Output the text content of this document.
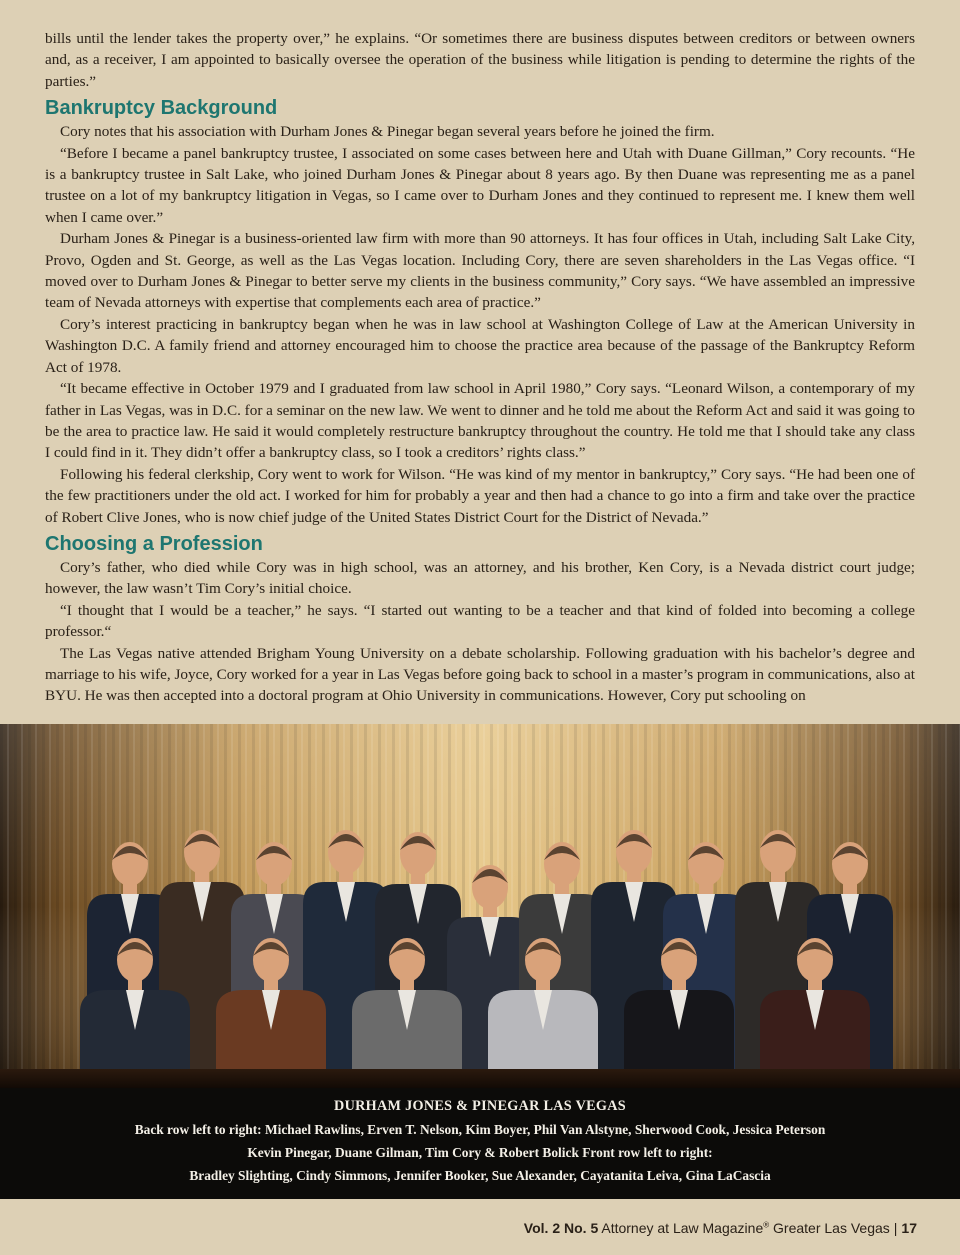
bills until the lender takes the property over,” he explains. “Or sometimes there are business disputes between creditors or between owners and, as a receiver, I am appointed to basically oversee the operation of the business while litigation is pending to determine the rights of the parties.”

Bankruptcy Background

Cory notes that his association with Durham Jones & Pinegar began several years before he joined the firm.

“Before I became a panel bankruptcy trustee, I associated on some cases between here and Utah with Duane Gillman,” Cory recounts. “He is a bankruptcy trustee in Salt Lake, who joined Durham Jones & Pinegar about 8 years ago. By then Duane was representing me as a panel trustee on a lot of my bankruptcy litigation in Vegas, so I came over to Durham Jones and they continued to represent me. I knew them well when I came over.”

Durham Jones & Pinegar is a business-oriented law firm with more than 90 attorneys. It has four offices in Utah, including Salt Lake City, Provo, Ogden and St. George, as well as the Las Vegas location. Including Cory, there are seven shareholders in the Las Vegas office. “I moved over to Durham Jones & Pinegar to better serve my clients in the business community,” Cory says. “We have assembled an impressive team of Nevada attorneys with expertise that complements each area of practice.”

Cory’s interest practicing in bankruptcy began when he was in law school at Washington College of Law at the American University in Washington D.C. A family friend and attorney encouraged him to choose the practice area because of the passage of the Bankruptcy Reform Act of 1978.

“It became effective in October 1979 and I graduated from law school in April 1980,” Cory says. “Leonard Wilson, a contemporary of my father in Las Vegas, was in D.C. for a seminar on the new law. We went to dinner and he told me about the Reform Act and said it was going to be the area to practice law. He said it would completely restructure bankruptcy throughout the country. He told me that I should take any class I could find in it. They didn’t offer a bankruptcy class, so I took a creditors’ rights class.”

Following his federal clerkship, Cory went to work for Wilson. “He was kind of my mentor in bankruptcy,” Cory says. “He had been one of the few practitioners under the old act. I worked for him for probably a year and then had a chance to go into a firm and take over the practice of Robert Clive Jones, who is now chief judge of the United States District Court for the District of Nevada.”

Choosing a Profession

Cory’s father, who died while Cory was in high school, was an attorney, and his brother, Ken Cory, is a Nevada district court judge; however, the law wasn’t Tim Cory’s initial choice.

“I thought that I would be a teacher,” he says. “I started out wanting to be a teacher and that kind of folded into becoming a college professor.“

The Las Vegas native attended Brigham Young University on a debate scholarship. Following graduation with his bachelor’s degree and marriage to his wife, Joyce, Cory worked for a year in Las Vegas before going back to school in a master’s program in communications, also at BYU. He was then accepted into a doctoral program at Ohio University in communications. However, Cory put schooling on

DURHAM JONES & PINEGAR LAS VEGAS
Back row left to right: Michael Rawlins, Erven T. Nelson, Kim Boyer, Phil Van Alstyne, Sherwood Cook, Jessica Peterson
Kevin Pinegar, Duane Gilman, Tim Cory & Robert Bolick Front row left to right:
Bradley Slighting, Cindy Simmons, Jennifer Booker, Sue Alexander, Cayatanita Leiva, Gina LaCascia
Vol. 2 No. 5 Attorney at Law Magazine® Greater Las Vegas | 17
